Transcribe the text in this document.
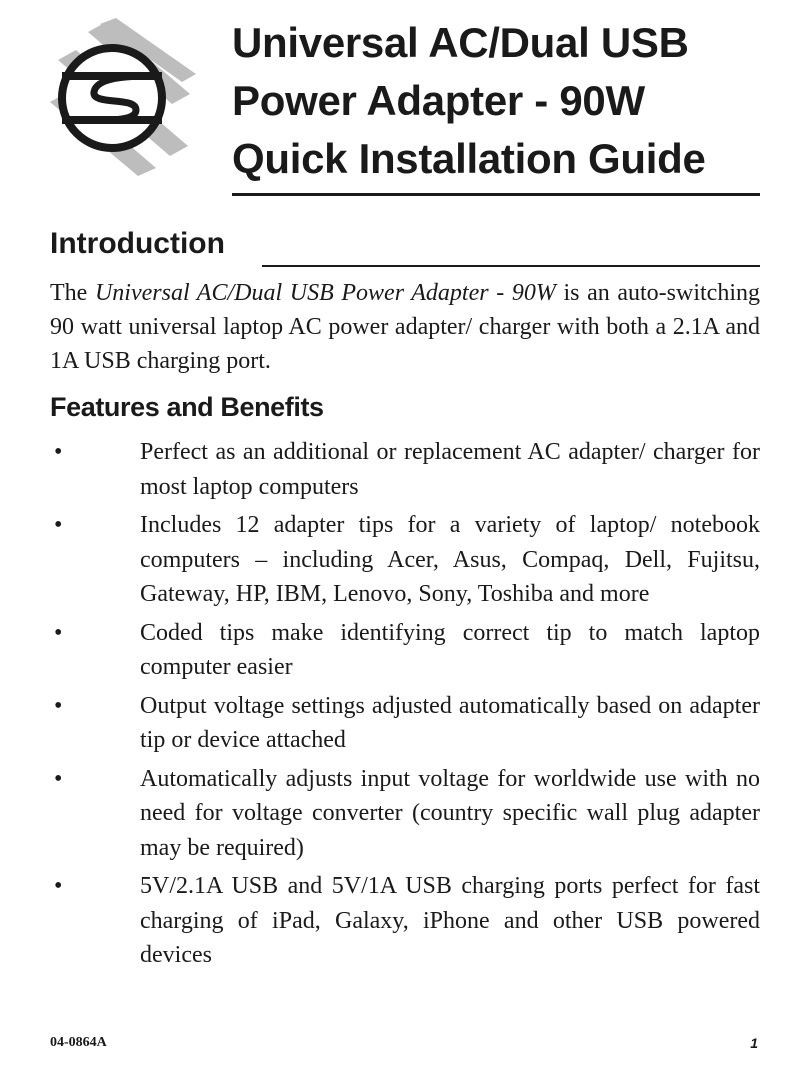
Universal AC/Dual USB
Power Adapter - 90W
Quick Installation Guide
Introduction
The Universal AC/Dual USB Power Adapter - 90W is an auto-switching 90 watt universal laptop AC power adapter/ charger with both a 2.1A and 1A USB charging port.
Features and Benefits
•	Perfect as an additional or replacement AC adapter/ charger for most laptop computers
•	Includes 12 adapter tips for a variety of laptop/ notebook computers – including Acer, Asus, Compaq, Dell, Fujitsu, Gateway, HP, IBM, Lenovo, Sony, Toshiba and more
•	Coded tips make identifying correct tip to match laptop computer easier
•	Output voltage settings adjusted automatically based on adapter tip or device attached
•	Automatically adjusts input voltage for worldwide use with no need for voltage converter (country specific wall plug adapter may be required)
•	5V/2.1A USB and 5V/1A USB charging ports perfect for fast charging of iPad, Galaxy, iPhone and other USB powered devices
04-0864A	1
